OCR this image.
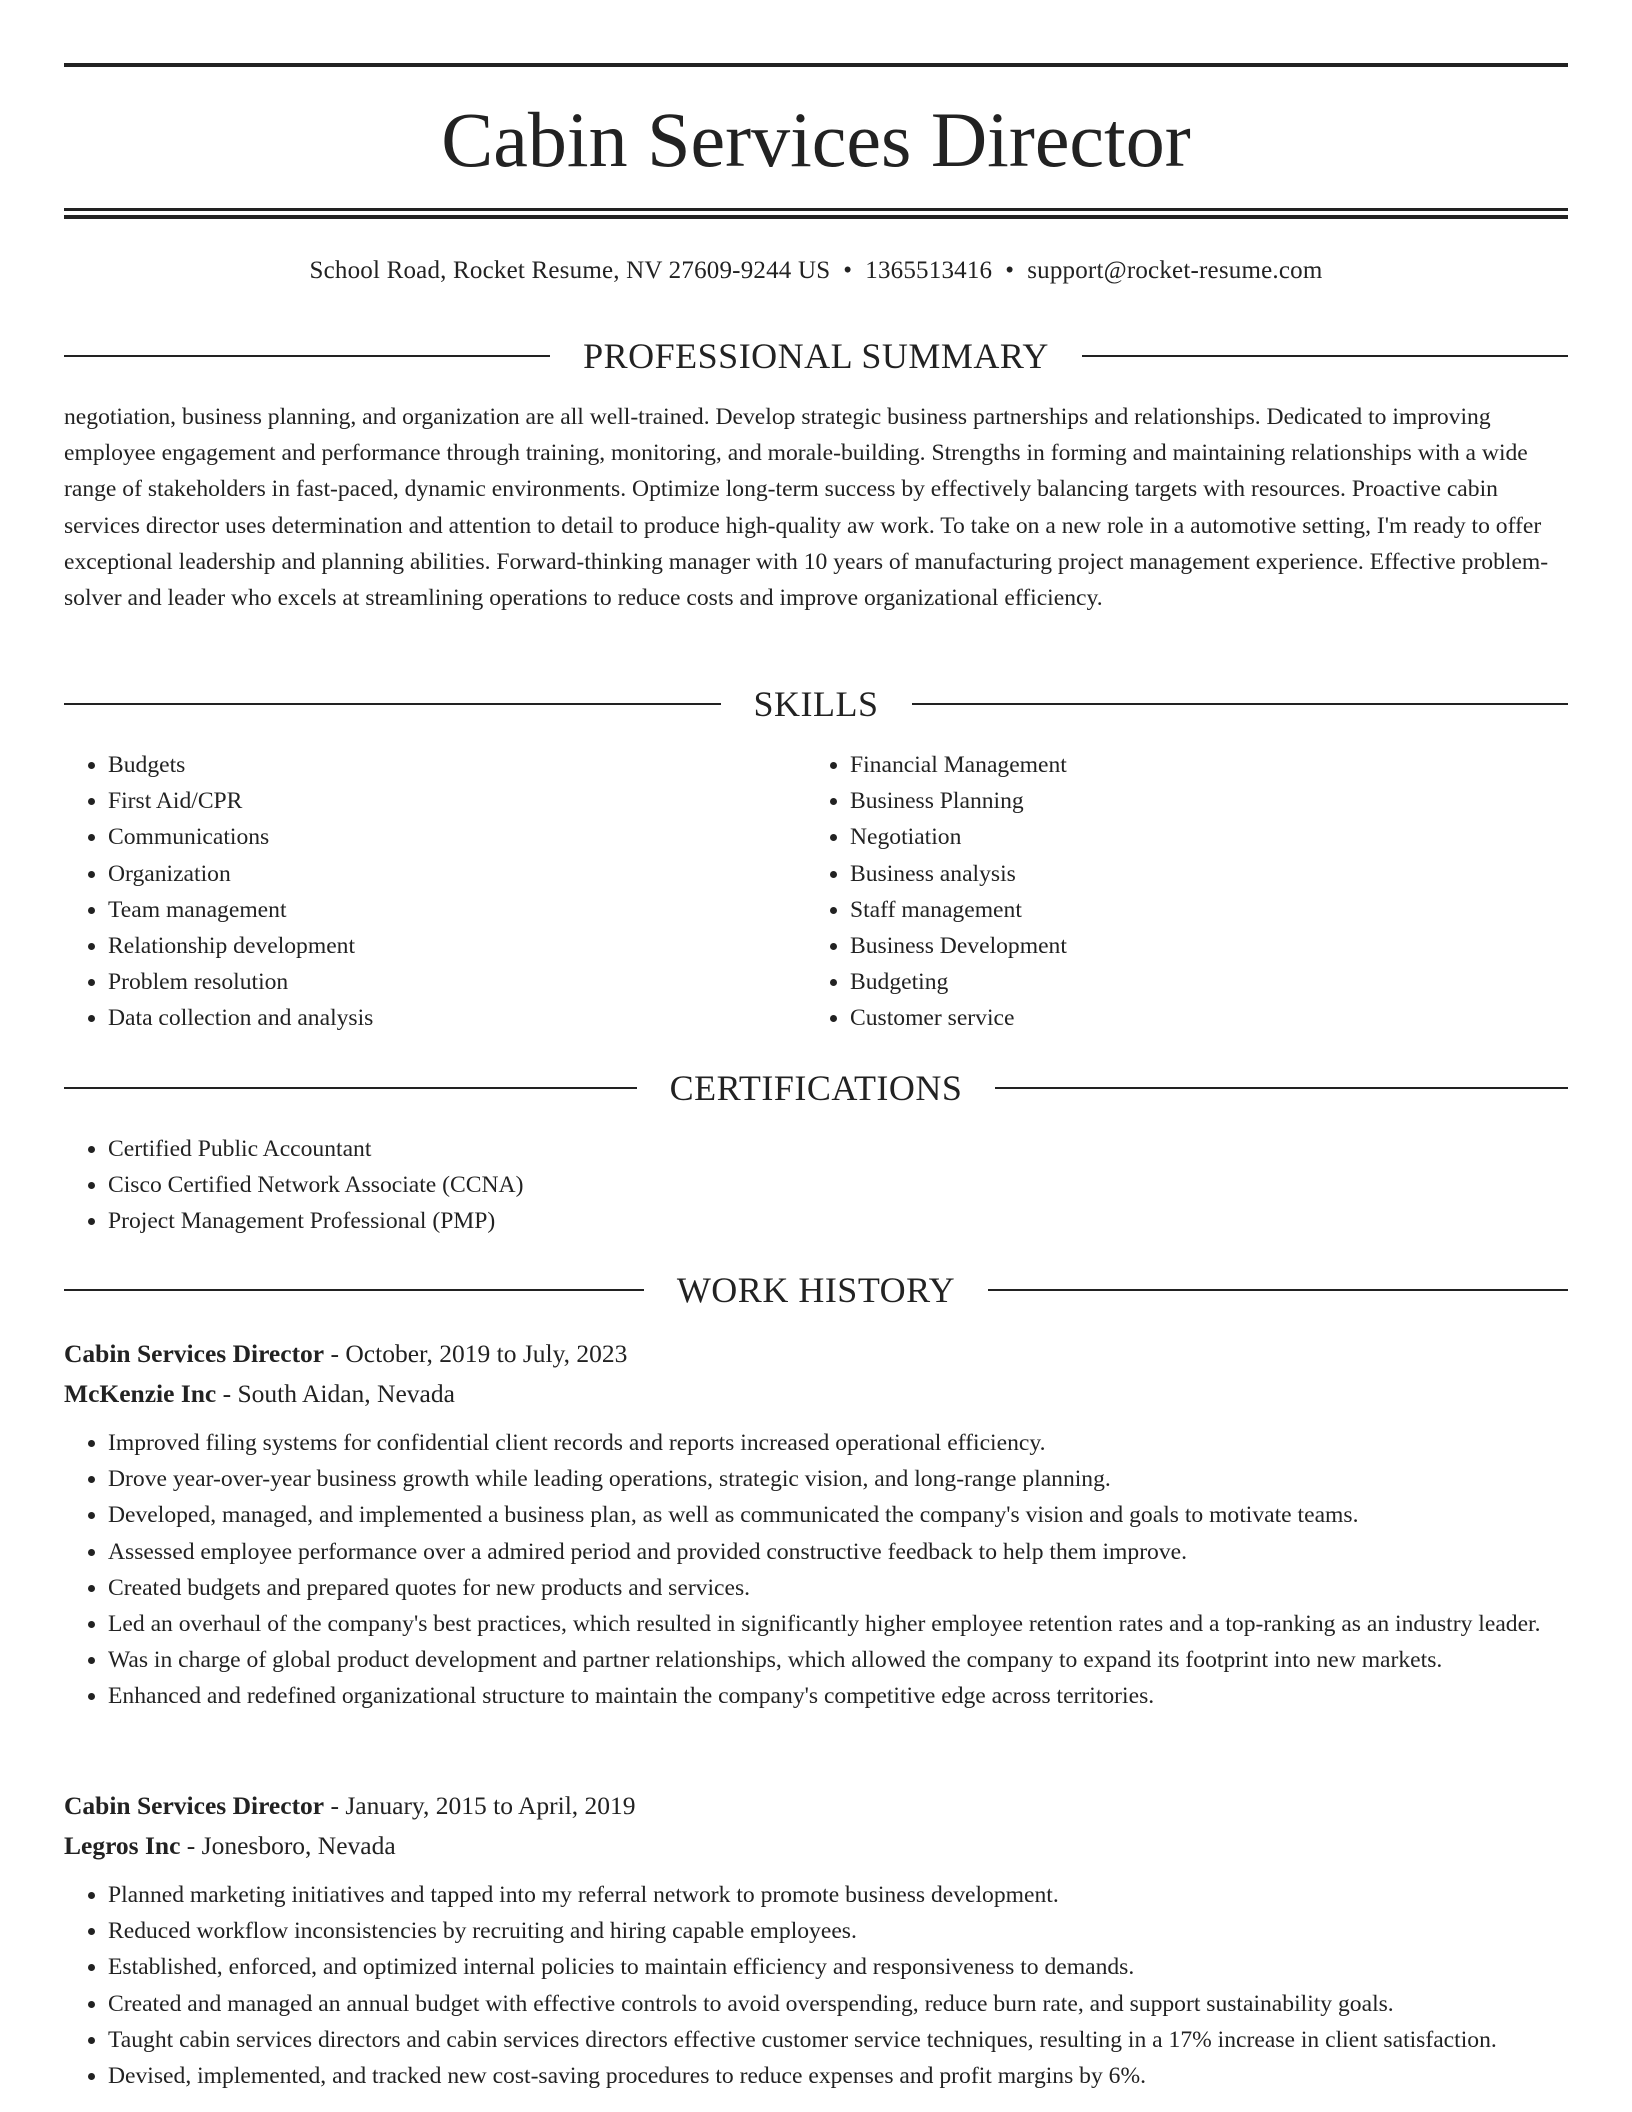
Cabin Services Director
School Road, Rocket Resume, NV 27609-9244 US • 1365513416 • support@rocket-resume.com
PROFESSIONAL SUMMARY

negotiation, business planning, and organization are all well-trained. Develop strategic business partnerships and relationships. Dedicated to improving employee engagement and performance through training, monitoring, and morale-building. Strengths in forming and maintaining relationships with a wide range of stakeholders in fast-paced, dynamic environments. Optimize long-term success by effectively balancing targets with resources. Proactive cabin services director uses determination and attention to detail to produce high-quality aw work. To take on a new role in a automotive setting, I'm ready to offer exceptional leadership and planning abilities. Forward-thinking manager with 10 years of manufacturing project management experience. Effective problem-solver and leader who excels at streamlining operations to reduce costs and improve organizational efficiency.

SKILLS
• Budgets
• First Aid/CPR
• Communications
• Organization
• Team management
• Relationship development
• Problem resolution
• Data collection and analysis
• Financial Management
• Business Planning
• Negotiation
• Business analysis
• Staff management
• Business Development
• Budgeting
• Customer service
CERTIFICATIONS
• Certified Public Accountant
• Cisco Certified Network Associate (CCNA)
• Project Management Professional (PMP)
WORK HISTORY
Cabin Services Director - October, 2019 to July, 2023
McKenzie Inc - South Aidan, Nevada
• Improved filing systems for confidential client records and reports increased operational efficiency.
• Drove year-over-year business growth while leading operations, strategic vision, and long-range planning.
• Developed, managed, and implemented a business plan, as well as communicated the company's vision and goals to motivate teams.
• Assessed employee performance over a admired period and provided constructive feedback to help them improve.
• Created budgets and prepared quotes for new products and services.
• Led an overhaul of the company's best practices, which resulted in significantly higher employee retention rates and a top-ranking as an industry leader.
• Was in charge of global product development and partner relationships, which allowed the company to expand its footprint into new markets.
• Enhanced and redefined organizational structure to maintain the company's competitive edge across territories.
Cabin Services Director - January, 2015 to April, 2019
Legros Inc - Jonesboro, Nevada
• Planned marketing initiatives and tapped into my referral network to promote business development.
• Reduced workflow inconsistencies by recruiting and hiring capable employees.
• Established, enforced, and optimized internal policies to maintain efficiency and responsiveness to demands.
• Created and managed an annual budget with effective controls to avoid overspending, reduce burn rate, and support sustainability goals.
• Taught cabin services directors and cabin services directors effective customer service techniques, resulting in a 17% increase in client satisfaction.
• Devised, implemented, and tracked new cost-saving procedures to reduce expenses and profit margins by 6%.
